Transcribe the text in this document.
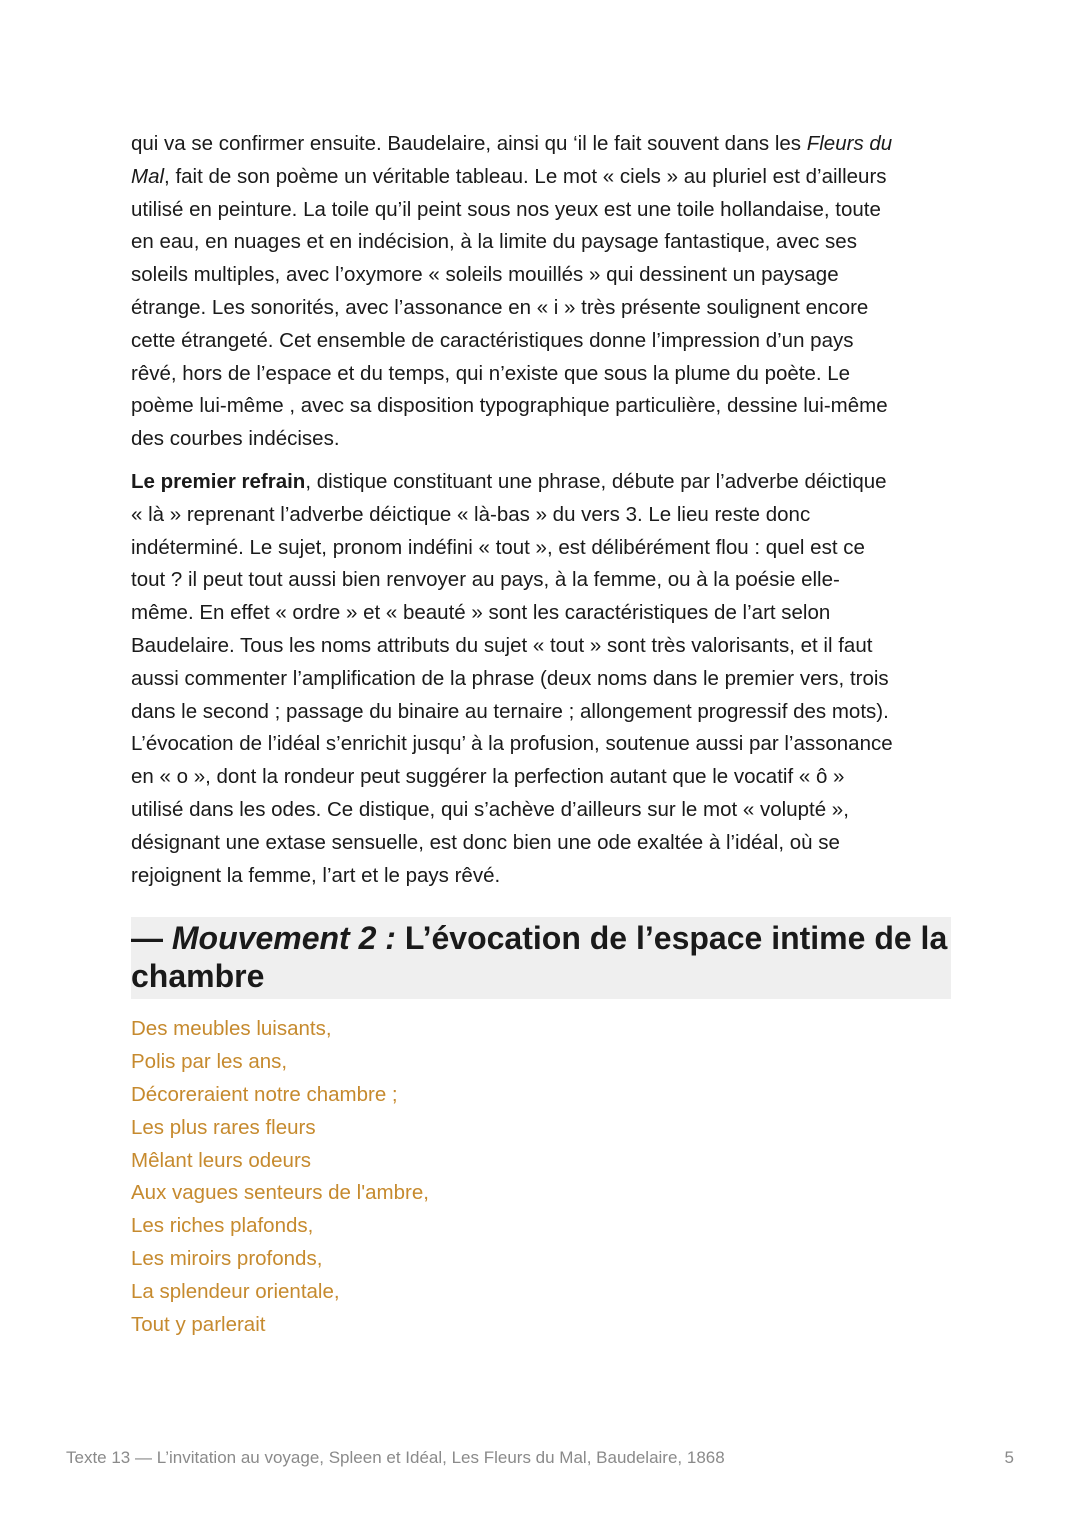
qui va se confirmer ensuite. Baudelaire, ainsi qu ‘il le fait souvent dans les Fleurs du
Mal, fait de son poème un véritable tableau. Le mot « ciels » au pluriel est d’ailleurs
utilisé en peinture. La toile qu’il peint sous nos yeux est une toile hollandaise, toute
en eau, en nuages et en indécision, à la limite du paysage fantastique, avec ses
soleils multiples, avec l’oxymore « soleils mouillés » qui dessinent un paysage
étrange. Les sonorités, avec l’assonance en « i » très présente soulignent encore
cette étrangeté. Cet ensemble de caractéristiques donne l’impression d’un pays
rêvé, hors de l’espace et du temps, qui n’existe que sous la plume du poète. Le
poème lui-même , avec sa disposition typographique particulière, dessine lui-même
des courbes indécises.

Le premier refrain, distique constituant une phrase, débute par l’adverbe déictique
« là » reprenant l’adverbe déictique « là-bas » du vers 3. Le lieu reste donc
indéterminé. Le sujet, pronom indéfini « tout », est délibérément flou : quel est ce
tout ? il peut tout aussi bien renvoyer au pays, à la femme, ou à la poésie elle-
même. En effet « ordre » et « beauté » sont les caractéristiques de l’art selon
Baudelaire. Tous les noms attributs du sujet « tout » sont très valorisants, et il faut
aussi commenter l’amplification de la phrase (deux noms dans le premier vers, trois
dans le second ; passage du binaire au ternaire ; allongement progressif des mots).
L’évocation de l’idéal s’enrichit jusqu’ à la profusion, soutenue aussi par l’assonance
en « o », dont la rondeur peut suggérer la perfection autant que le vocatif « ô »
utilisé dans les odes. Ce distique, qui s’achève d’ailleurs sur le mot « volupté »,
désignant une extase sensuelle, est donc bien une ode exaltée à l’idéal, où se
rejoignent la femme, l’art et le pays rêvé.

— Mouvement 2 : L’évocation de l’espace intime de la
chambre
Des meubles luisants,
Polis par les ans,
Décoreraient notre chambre ;
Les plus rares fleurs
Mêlant leurs odeurs
Aux vagues senteurs de l'ambre,
Les riches plafonds,
Les miroirs profonds,
La splendeur orientale,
Tout y parlerait
Texte 13 — L’invitation au voyage, Spleen et Idéal, Les Fleurs du Mal, Baudelaire, 1868	5
